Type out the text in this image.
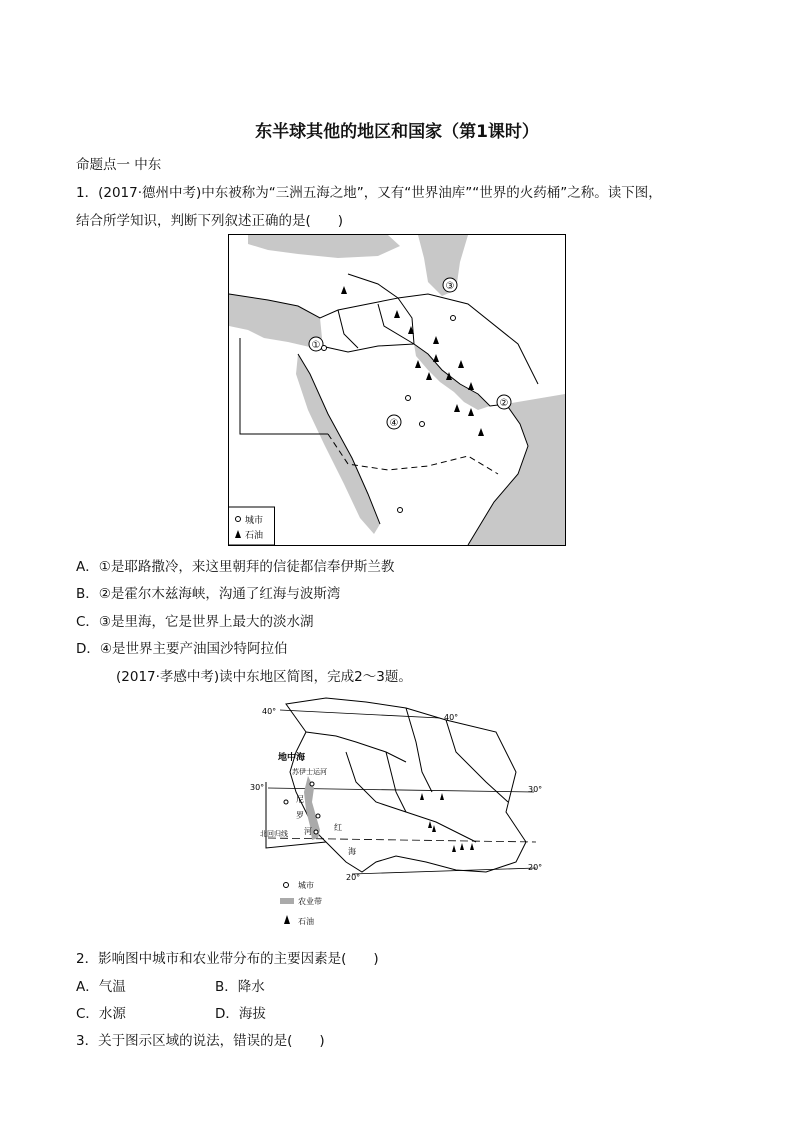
东半球其他的地区和国家（第1课时）
命题点一 中东
1．(2017·德州中考)中东被称为“三洲五海之地”，又有“世界油库”“世界的火药桶”之称。读下图，
结合所学知识，判断下列叙述正确的是(　　)
①
②
③
④
城市
石油
A．①是耶路撒冷，来这里朝拜的信徒都信奉伊斯兰教
B．②是霍尔木兹海峡，沟通了红海与波斯湾
C．③是里海，它是世界上最大的淡水湖
D．④是世界主要产油国沙特阿拉伯
(2017·孝感中考)读中东地区简图，完成2～3题。
40°
40°
30°	30°
20°
20°
地中海
苏伊士运河
尼
罗
河	红
海
北回归线
城市
农业带
石油
2．影响图中城市和农业带分布的主要因素是(　　)
A．气温	B．降水
C．水源	D．海拔
3．关于图示区域的说法，错误的是(　　)
